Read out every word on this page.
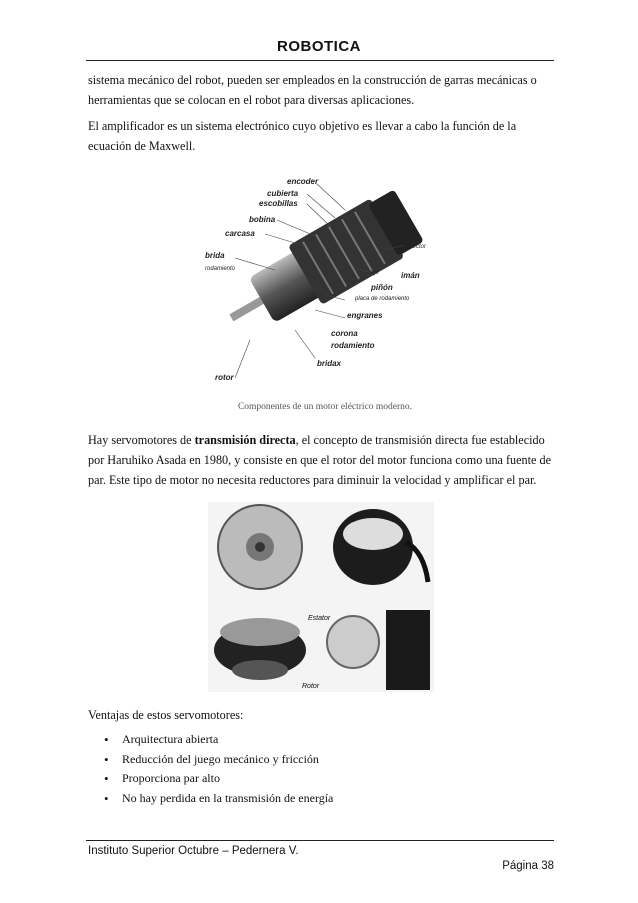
ROBOTICA
sistema mecánico del robot, pueden ser empleados en la construcción de garras mecánicas o herramientas que se colocan en el robot para diversas aplicaciones.
El amplificador es un sistema electrónico cuyo objetivo es llevar a cabo la función de la ecuación de Maxwell.
encoder
cubierta
escobillas
bobina
carcasa
brida
rodamiento
colector
eje	imán
piñón
placa de rodamiento
engranes
corona
rodamiento
bridax
rotor
Componentes de un motor eléctrico moderno.
Hay servomotores de transmisión directa, el concepto de transmisión directa fue establecido por Haruhiko Asada en 1980, y consiste en que el rotor del motor funciona como una fuente de par. Este tipo de motor no necesita reductores para diminuir la velocidad y amplificar el par.
Estator
Rotor
Ventajas de estos servomotores:
• Arquitectura abierta
• Reducción del juego mecánico y fricción
• Proporciona par alto
• No hay perdida en la transmisión de energía
Instituto Superior Octubre – Pedernera V.
Página 38
